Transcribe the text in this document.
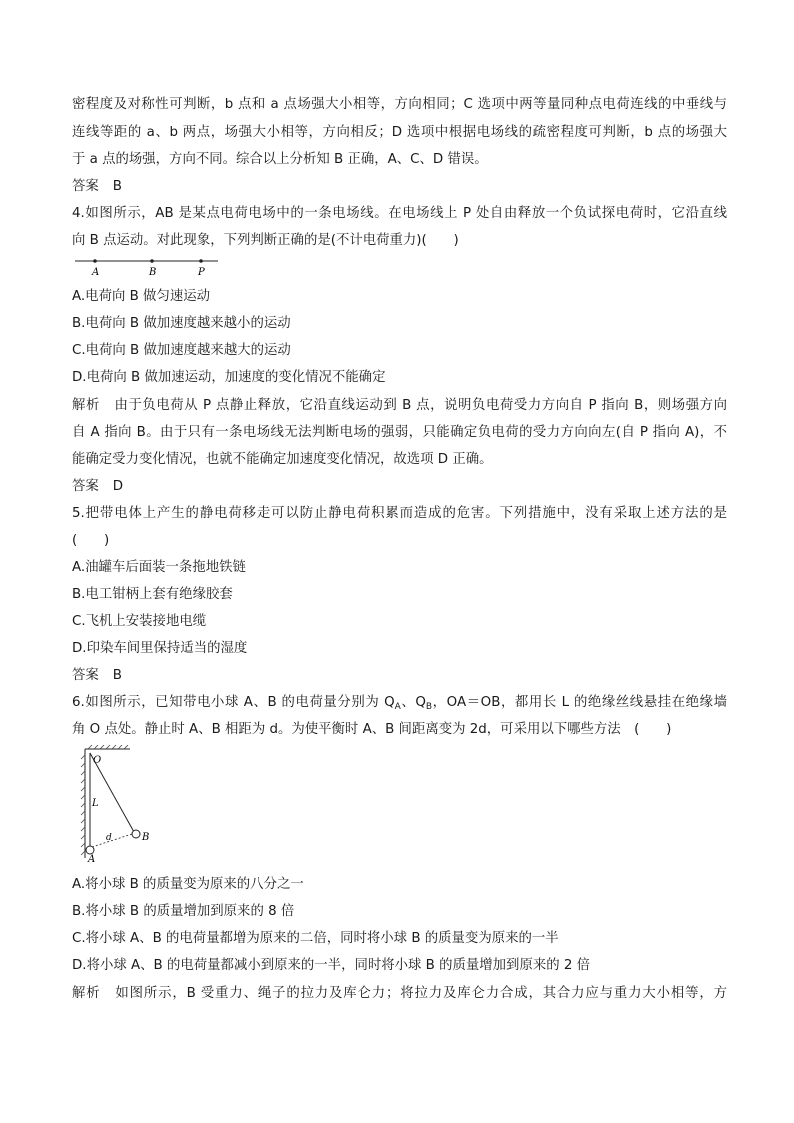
密程度及对称性可判断，b 点和 a 点场强大小相等，方向相同；C 选项中两等量同种点电荷连线的中垂线与
连线等距的 a、b 两点，场强大小相等，方向相反；D 选项中根据电场线的疏密程度可判断，b 点的场强大
于 a 点的场强，方向不同。综合以上分析知 B 正确，A、C、D 错误。
答案 B
4.如图所示，AB 是某点电荷电场中的一条电场线。在电场线上 P 处自由释放一个负试探电荷时，它沿直线
向 B 点运动。对此现象，下列判断正确的是(不计电荷重力)(　　)
A	B	P
A.电荷向 B 做匀速运动
B.电荷向 B 做加速度越来越小的运动
C.电荷向 B 做加速度越来越大的运动
D.电荷向 B 做加速运动，加速度的变化情况不能确定
解析 由于负电荷从 P 点静止释放，它沿直线运动到 B 点，说明负电荷受力方向自 P 指向 B，则场强方向
自 A 指向 B。由于只有一条电场线无法判断电场的强弱，只能确定负电荷的受力方向向左(自 P 指向 A)，不
能确定受力变化情况，也就不能确定加速度变化情况，故选项 D 正确。
答案 D
5.把带电体上产生的静电荷移走可以防止静电荷积累而造成的危害。下列措施中，没有采取上述方法的是
(　　)
A.油罐车后面装一条拖地铁链
B.电工钳柄上套有绝缘胶套
C.飞机上安装接地电缆
D.印染车间里保持适当的湿度
答案 B
6.如图所示，已知带电小球 A、B 的电荷量分别为 $Q_A$、$Q_B$，OA＝OB，都用长 L 的绝缘丝线悬挂在绝缘墙
角 O 点处。静止时 A、B 相距为 d。为使平衡时 A、B 间距离变为 2d，可采用以下哪些方法　(　　)
O
L
d	B
A
A.将小球 B 的质量变为原来的八分之一
B.将小球 B 的质量增加到原来的 8 倍
C.将小球 A、B 的电荷量都增为原来的二倍，同时将小球 B 的质量变为原来的一半
D.将小球 A、B 的电荷量都减小到原来的一半，同时将小球 B 的质量增加到原来的 2 倍
解析 如图所示，B 受重力、绳子的拉力及库仑力；将拉力及库仑力合成，其合力应与重力大小相等，方
